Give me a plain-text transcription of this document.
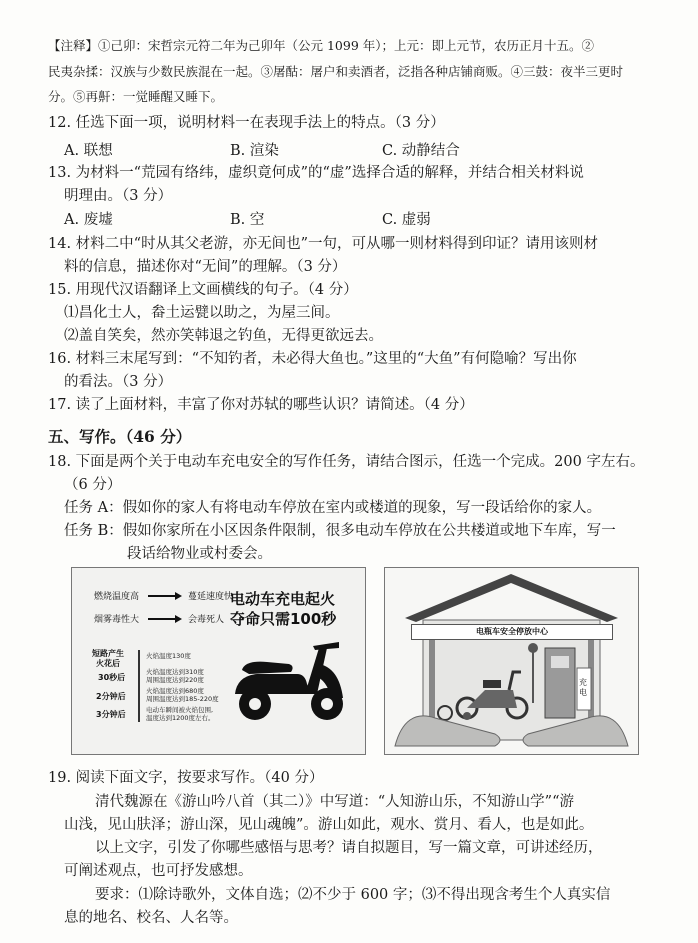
【注释】①己卯：宋哲宗元符二年为己卯年（公元 1099 年）；上元：即上元节，农历正月十五。②
民夷杂揉：汉族与少数民族混在一起。③屠酤：屠户和卖酒者，泛指各种店铺商贩。④三鼓：夜半三更时
分。⑤再鼾：一觉睡醒又睡下。
12. 任选下面一项，说明材料一在表现手法上的特点。（3 分）
A. 联想	B. 渲染	C. 动静结合
13. 为材料一“荒园有络纬，虚织竟何成”的“虚”选择合适的解释，并结合相关材料说
明理由。（3 分）
A. 废墟	B. 空	C. 虚弱
14. 材料二中“时从其父老游，亦无间也”一句，可从哪一则材料得到印证？请用该则材
料的信息，描述你对“无间”的理解。（3 分）
15. 用现代汉语翻译上文画横线的句子。（4 分）
⑴昌化士人，畚土运甓以助之，为屋三间。
⑵盖自笑矣，然亦笑韩退之钓鱼，无得更欲远去。
16. 材料三末尾写到：“不知钓者，未必得大鱼也。”这里的“大鱼”有何隐喻？写出你
的看法。（3 分）
17. 读了上面材料，丰富了你对苏轼的哪些认识？请简述。（4 分）
五、写作。（46 分）
18. 下面是两个关于电动车充电安全的写作任务，请结合图示，任选一个完成。200 字左右。
（6 分）
任务 A：假如你的家人有将电动车停放在室内或楼道的现象，写一段话给你的家人。
任务 B：假如你家所在小区因条件限制，很多电动车停放在公共楼道或地下车库，写一
段话给物业或村委会。
燃烧温度高	蔓延速度快
烟雾毒性大	会毒死人
电动车充电起火
夺命只需100秒
短路产生
火花后
30秒后
2分钟后
3分钟后
火焰温度130度
火焰温度达到310度
周围温度达到220度
火焰温度达到680度
周围温度达到185-220度
电动车瞬间被火焰包围,
温度达到1200度左右。
电瓶车安全停放中心
充电
19. 阅读下面文字，按要求写作。（40 分）
清代魏源在《游山吟八首（其二）》中写道：“人知游山乐，不知游山学”“游
山浅，见山肤泽；游山深，见山魂魄”。游山如此，观水、赏月、看人，也是如此。
以上文字，引发了你哪些感悟与思考？请自拟题目，写一篇文章，可讲述经历，
可阐述观点，也可抒发感想。
要求：⑴除诗歌外，文体自选；⑵不少于 600 字；⑶不得出现含考生个人真实信
息的地名、校名、人名等。
